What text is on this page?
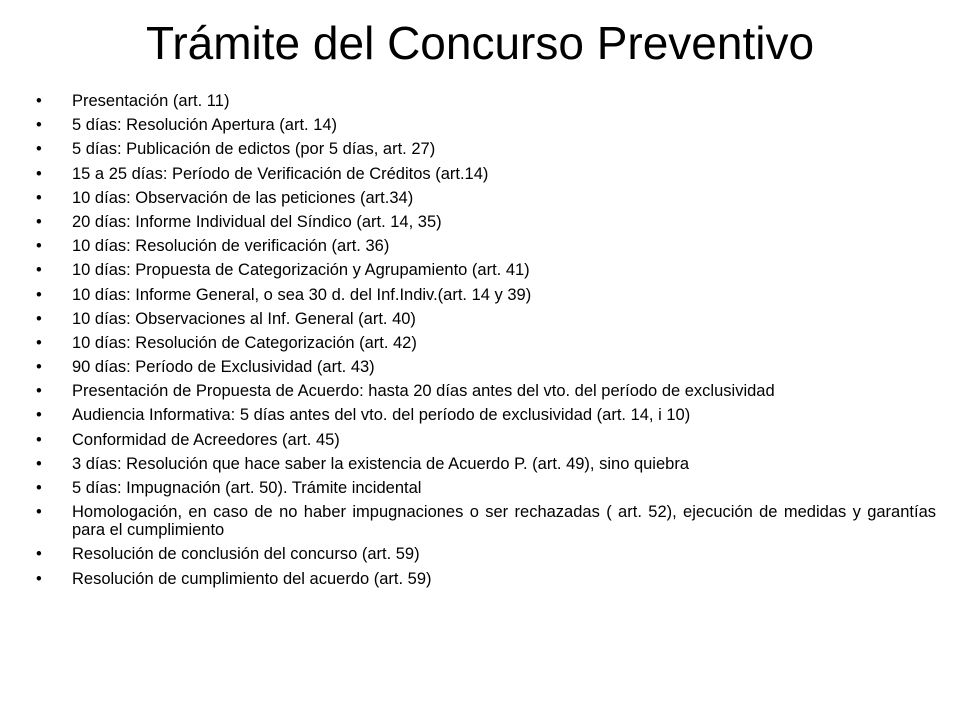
Trámite del Concurso Preventivo
•	Presentación (art. 11)
•	5 días: Resolución Apertura (art. 14)
•	5 días: Publicación de edictos (por 5 días, art. 27)
•	15 a 25 días: Período de Verificación de Créditos (art.14)
•	10 días: Observación de las peticiones (art.34)
•	20 días: Informe Individual del Síndico (art. 14, 35)
•	10 días: Resolución de verificación (art. 36)
•	10 días: Propuesta de Categorización y Agrupamiento (art. 41)
•	10 días: Informe General, o sea 30 d. del Inf.Indiv.(art. 14 y 39)
•	10 días: Observaciones al Inf. General (art. 40)
•	10 días: Resolución de Categorización (art. 42)
•	90 días: Período de Exclusividad (art. 43)
•	Presentación de Propuesta de Acuerdo: hasta 20 días antes del vto. del período de exclusividad
•	Audiencia Informativa: 5 días antes del vto. del período de exclusividad (art. 14, i 10)
•	Conformidad de Acreedores (art. 45)
•	3 días: Resolución que hace saber la existencia de Acuerdo P. (art. 49), sino quiebra
•	5 días: Impugnación (art. 50). Trámite incidental
•	Homologación, en caso de no haber impugnaciones o ser rechazadas ( art. 52), ejecución de medidas y garantías para el cumplimiento
•	Resolución de conclusión del concurso (art. 59)
•	Resolución de cumplimiento del acuerdo (art. 59)
